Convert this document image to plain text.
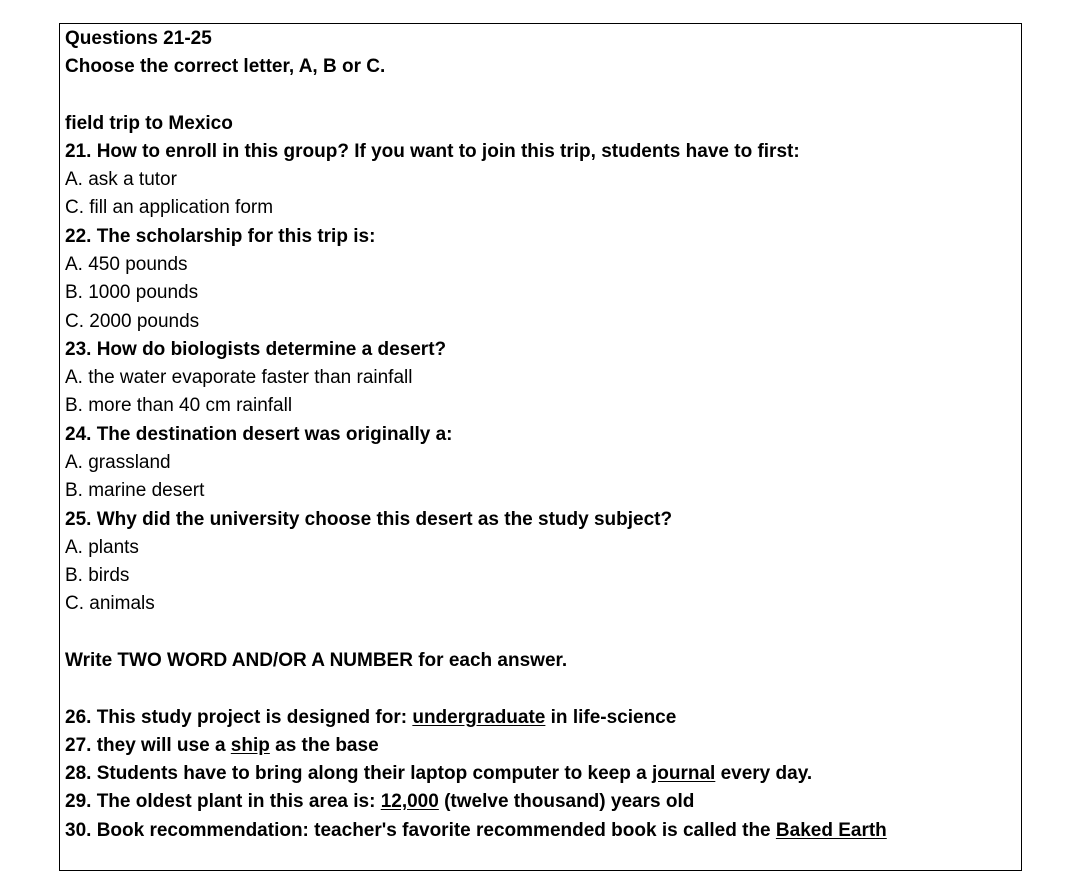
Questions 21-25
Choose the correct letter, A, B or C.
field trip to Mexico
21. How to enroll in this group? If you want to join this trip, students have to first:
A. ask a tutor
C. fill an application form
22. The scholarship for this trip is:
A. 450 pounds
B. 1000 pounds
C. 2000 pounds
23. How do biologists determine a desert?
A. the water evaporate faster than rainfall
B. more than 40 cm rainfall
24. The destination desert was originally a:
A. grassland
B. marine desert
25. Why did the university choose this desert as the study subject?
A. plants
B. birds
C. animals
Write TWO WORD AND/OR A NUMBER for each answer.
26. This study project is designed for: undergraduate in life-science
27. they will use a ship as the base
28. Students have to bring along their laptop computer to keep a journal every day.
29. The oldest plant in this area is: 12,000 (twelve thousand) years old
30. Book recommendation: teacher's favorite recommended book is called the Baked Earth
